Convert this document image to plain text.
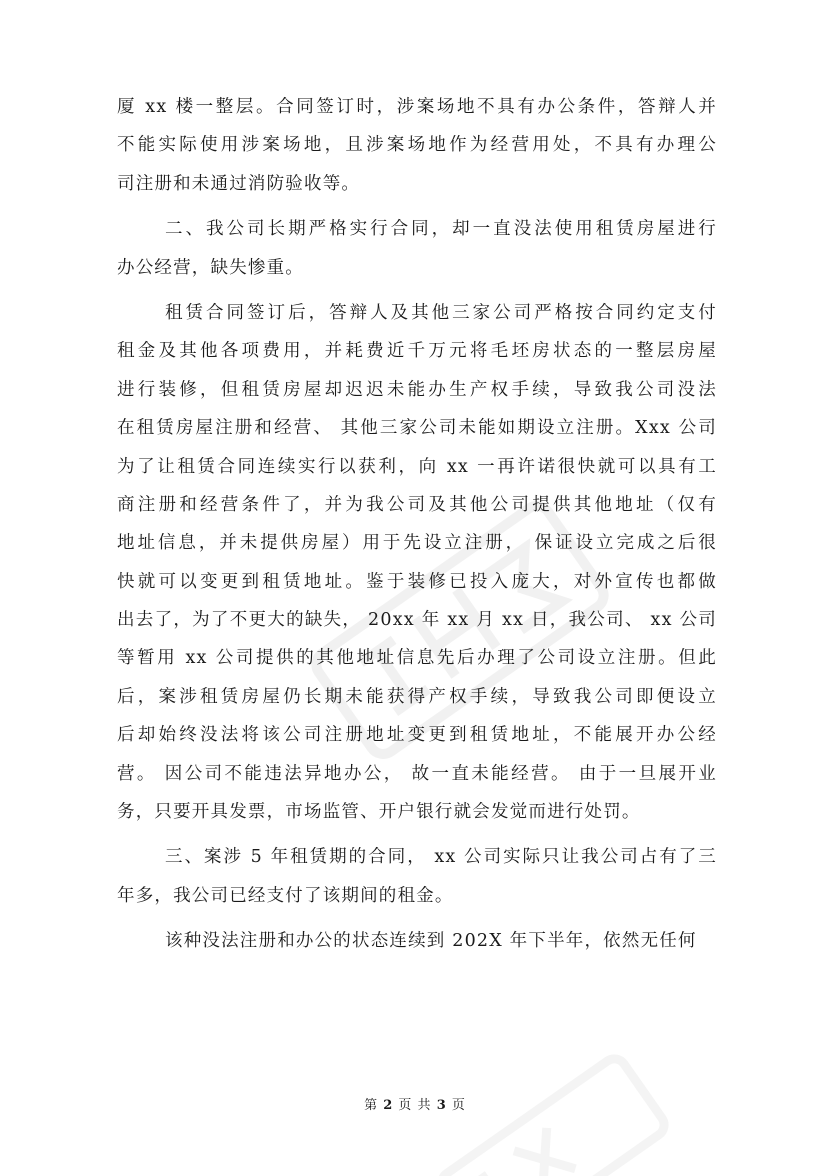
厦 xx 楼一整层。合同签订时，涉案场地不具有办公条件，答辩人并
不能实际使用涉案场地，且涉案场地作为经营用处，不具有办理公
司注册和未通过消防验收等。
二、我公司长期严格实行合同，却一直没法使用租赁房屋进行
办公经营，缺失惨重。
租赁合同签订后，答辩人及其他三家公司严格按合同约定支付
租金及其他各项费用，并耗费近千万元将毛坯房状态的一整层房屋
进行装修，但租赁房屋却迟迟未能办生产权手续，导致我公司没法
在租赁房屋注册和经营、 其他三家公司未能如期设立注册。Xxx 公司
为了让租赁合同连续实行以获利，向 xx 一再许诺很快就可以具有工
商注册和经营条件了，并为我公司及其他公司提供其他地址（仅有
地址信息，并未提供房屋）用于先设立注册， 保证设立完成之后很
快就可以变更到租赁地址。鉴于装修已投入庞大，对外宣传也都做
出去了，为了不更大的缺失， 20xx 年 xx 月 xx 日，我公司、 xx 公司
等暂用 xx 公司提供的其他地址信息先后办理了公司设立注册。但此
后，案涉租赁房屋仍长期未能获得产权手续，导致我公司即便设立
后却始终没法将该公司注册地址变更到租赁地址，不能展开办公经
营。 因公司不能违法异地办公， 故一直未能经营。 由于一旦展开业
务，只要开具发票，市场监管、开户银行就会发觉而进行处罚。
三、案涉 5 年租赁期的合同， xx 公司实际只让我公司占有了三
年多，我公司已经支付了该期间的租金。
该种没法注册和办公的状态连续到 202X 年下半年，依然无任何
第 2 页 共 3 页
